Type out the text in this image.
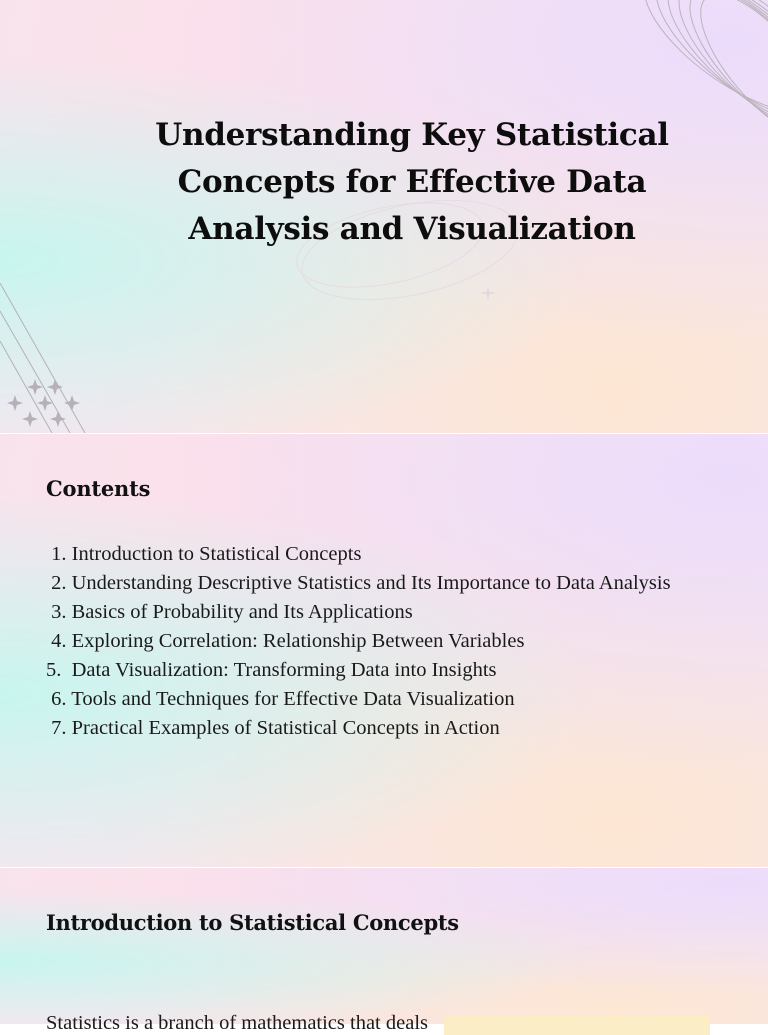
Understanding Key Statistical Concepts for Effective Data Analysis and Visualization
Contents
1. Introduction to Statistical Concepts
2. Understanding Descriptive Statistics and Its Importance to Data Analysis
3. Basics of Probability and Its Applications
4. Exploring Correlation: Relationship Between Variables
5.  Data Visualization: Transforming Data into Insights
6. Tools and Techniques for Effective Data Visualization
7. Practical Examples of Statistical Concepts in Action
Introduction to Statistical Concepts

Statistics is a branch of mathematics that deals
